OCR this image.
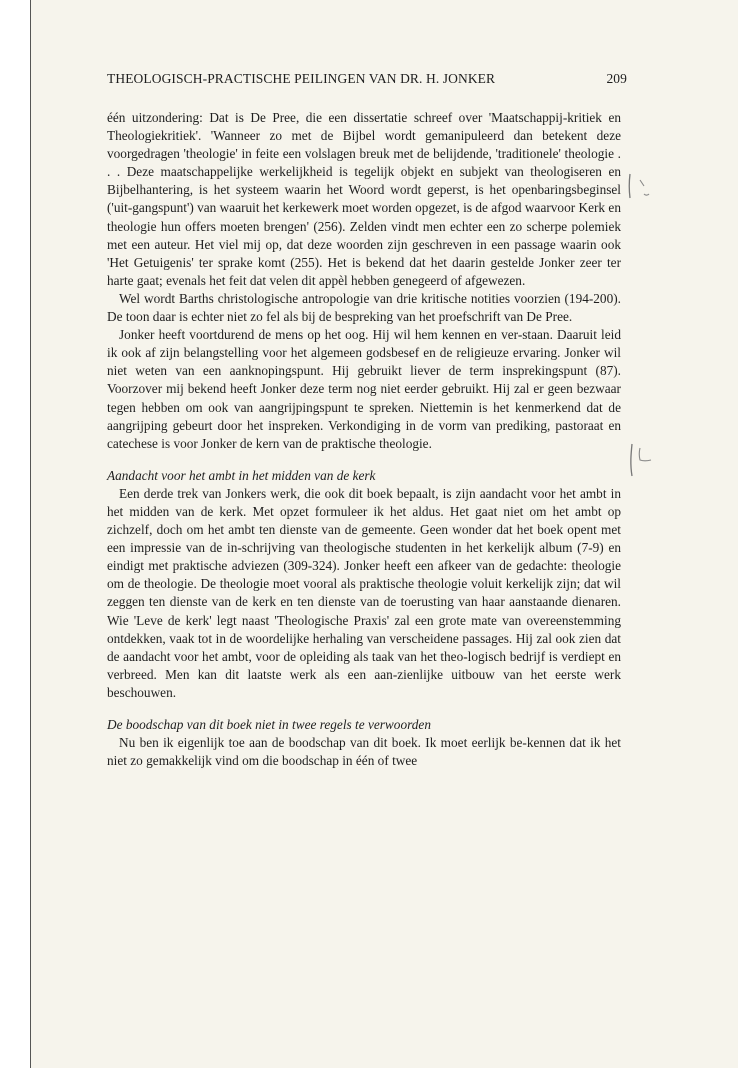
THEOLOGISCH-PRACTISCHE PEILINGEN VAN DR. H. JONKER	209

één uitzondering: Dat is De Pree, die een dissertatie schreef over 'Maatschappij-kritiek en Theologiekritiek'. 'Wanneer zo met de Bijbel wordt gemanipuleerd dan betekent deze voorgedragen 'theologie' in feite een volslagen breuk met de belijdende, 'traditionele' theologie . . . Deze maatschappelijke werkelijkheid is tegelijk objekt en subjekt van theologiseren en Bijbelhantering, is het systeem waarin het Woord wordt geperst, is het openbaringsbeginsel ('uit-gangspunt') van waaruit het kerkewerk moet worden opgezet, is de afgod waarvoor Kerk en theologie hun offers moeten brengen' (256). Zelden vindt men echter een zo scherpe polemiek met een auteur. Het viel mij op, dat deze woorden zijn geschreven in een passage waarin ook 'Het Getuigenis' ter sprake komt (255). Het is bekend dat het daarin gestelde Jonker zeer ter harte gaat; evenals het feit dat velen dit appèl hebben genegeerd of afgewezen.

Wel wordt Barths christologische antropologie van drie kritische notities voorzien (194-200). De toon daar is echter niet zo fel als bij de bespreking van het proefschrift van De Pree.

Jonker heeft voortdurend de mens op het oog. Hij wil hem kennen en ver-staan. Daaruit leid ik ook af zijn belangstelling voor het algemeen godsbesef en de religieuze ervaring. Jonker wil niet weten van een aanknopingspunt. Hij gebruikt liever de term insprekingspunt (87). Voorzover mij bekend heeft Jonker deze term nog niet eerder gebruikt. Hij zal er geen bezwaar tegen hebben om ook van aangrijpingspunt te spreken. Niettemin is het kenmerkend dat de aangrijping gebeurt door het inspreken. Verkondiging in de vorm van prediking, pastoraat en catechese is voor Jonker de kern van de praktische theologie.

Aandacht voor het ambt in het midden van de kerk

Een derde trek van Jonkers werk, die ook dit boek bepaalt, is zijn aandacht voor het ambt in het midden van de kerk. Met opzet formuleer ik het aldus. Het gaat niet om het ambt op zichzelf, doch om het ambt ten dienste van de gemeente. Geen wonder dat het boek opent met een impressie van de in-schrijving van theologische studenten in het kerkelijk album (7-9) en eindigt met praktische adviezen (309-324). Jonker heeft een afkeer van de gedachte: theologie om de theologie. De theologie moet vooral als praktische theologie voluit kerkelijk zijn; dat wil zeggen ten dienste van de kerk en ten dienste van de toerusting van haar aanstaande dienaren. Wie 'Leve de kerk' legt naast 'Theologische Praxis' zal een grote mate van overeenstemming ontdekken, vaak tot in de woordelijke herhaling van verscheidene passages. Hij zal ook zien dat de aandacht voor het ambt, voor de opleiding als taak van het theo-logisch bedrijf is verdiept en verbreed. Men kan dit laatste werk als een aan-zienlijke uitbouw van het eerste werk beschouwen.

De boodschap van dit boek niet in twee regels te verwoorden

Nu ben ik eigenlijk toe aan de boodschap van dit boek. Ik moet eerlijk be-kennen dat ik het niet zo gemakkelijk vind om die boodschap in één of twee
